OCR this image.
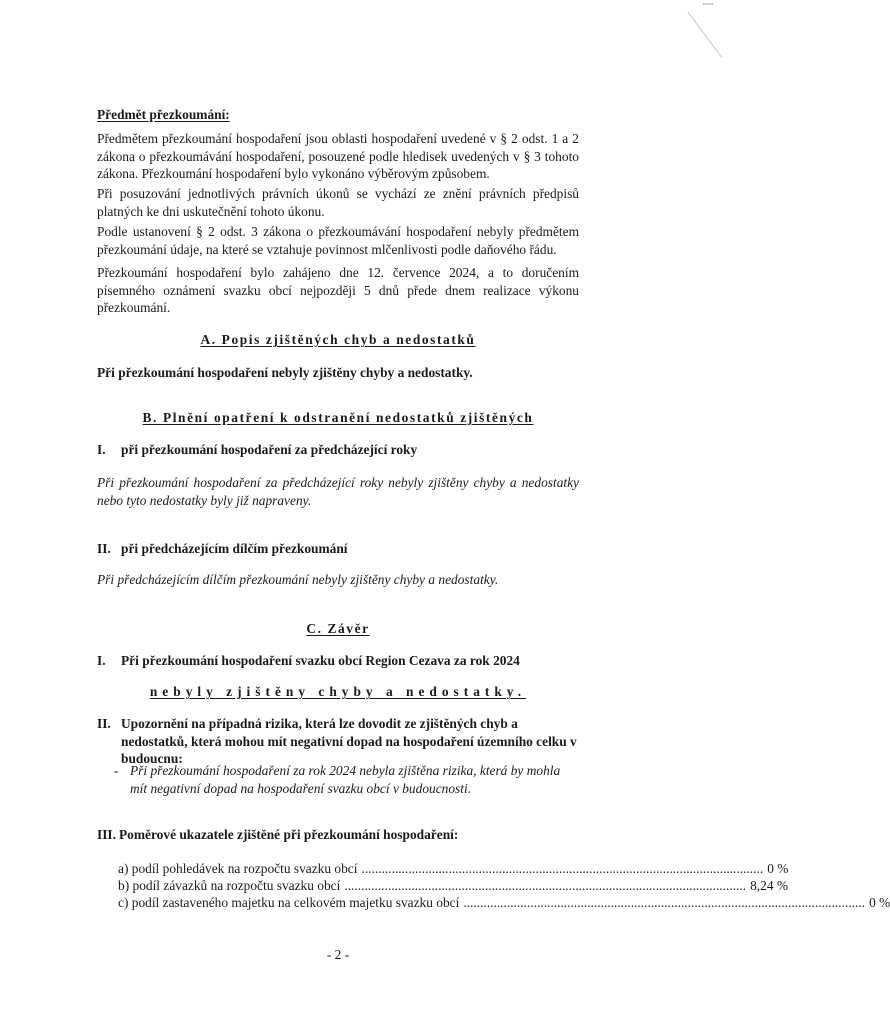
Předmět přezkoumání:
Předmětem přezkoumání hospodaření jsou oblasti hospodaření uvedené v § 2 odst. 1 a 2 zákona o přezkoumávání hospodaření, posouzené podle hledisek uvedených v § 3 tohoto zákona. Přezkoumání hospodaření bylo vykonáno výběrovým způsobem.
Při posuzování jednotlivých právních úkonů se vychází ze znění právních předpisů platných ke dni uskutečnění tohoto úkonu.
Podle ustanovení § 2 odst. 3 zákona o přezkoumávání hospodaření nebyly předmětem přezkoumání údaje, na které se vztahuje povinnost mlčenlivosti podle daňového řádu.
Přezkoumání hospodaření bylo zahájeno dne 12. července 2024, a to doručením písemného oznámení svazku obcí nejpozději 5 dnů přede dnem realizace výkonu přezkoumání.
A. Popis zjištěných chyb a nedostatků
Při přezkoumání hospodaření nebyly zjištěny chyby a nedostatky.
B. Plnění opatření k odstranění nedostatků zjištěných
I. při přezkoumání hospodaření za předcházející roky
Při přezkoumání hospodaření za předcházející roky nebyly zjištěny chyby a nedostatky nebo tyto nedostatky byly již napraveny.
II. při předcházejícím dílčím přezkoumání
Při předcházejícím dílčím přezkoumání nebyly zjištěny chyby a nedostatky.
C. Závěr
I. Při přezkoumání hospodaření svazku obcí Region Cezava za rok 2024
nebyly zjištěny chyby a nedostatky.
II. Upozornění na případná rizika, která lze dovodit ze zjištěných chyb a nedostatků, která mohou mít negativní dopad na hospodaření územního celku v budoucnu:
- Při přezkoumání hospodaření za rok 2024 nebyla zjištěna rizika, která by mohla mít negativní dopad na hospodaření svazku obcí v budoucnosti.
III. Poměrové ukazatele zjištěné při přezkoumání hospodaření:
a) podíl pohledávek na rozpočtu svazku obcí ........................................................................................................................ 0 %
b) podíl závazků na rozpočtu svazku obcí ........................................................................................................................ 8,24 %
c) podíl zastaveného majetku na celkovém majetku svazku obcí ........................................................................................................................ 0 %
- 2 -
